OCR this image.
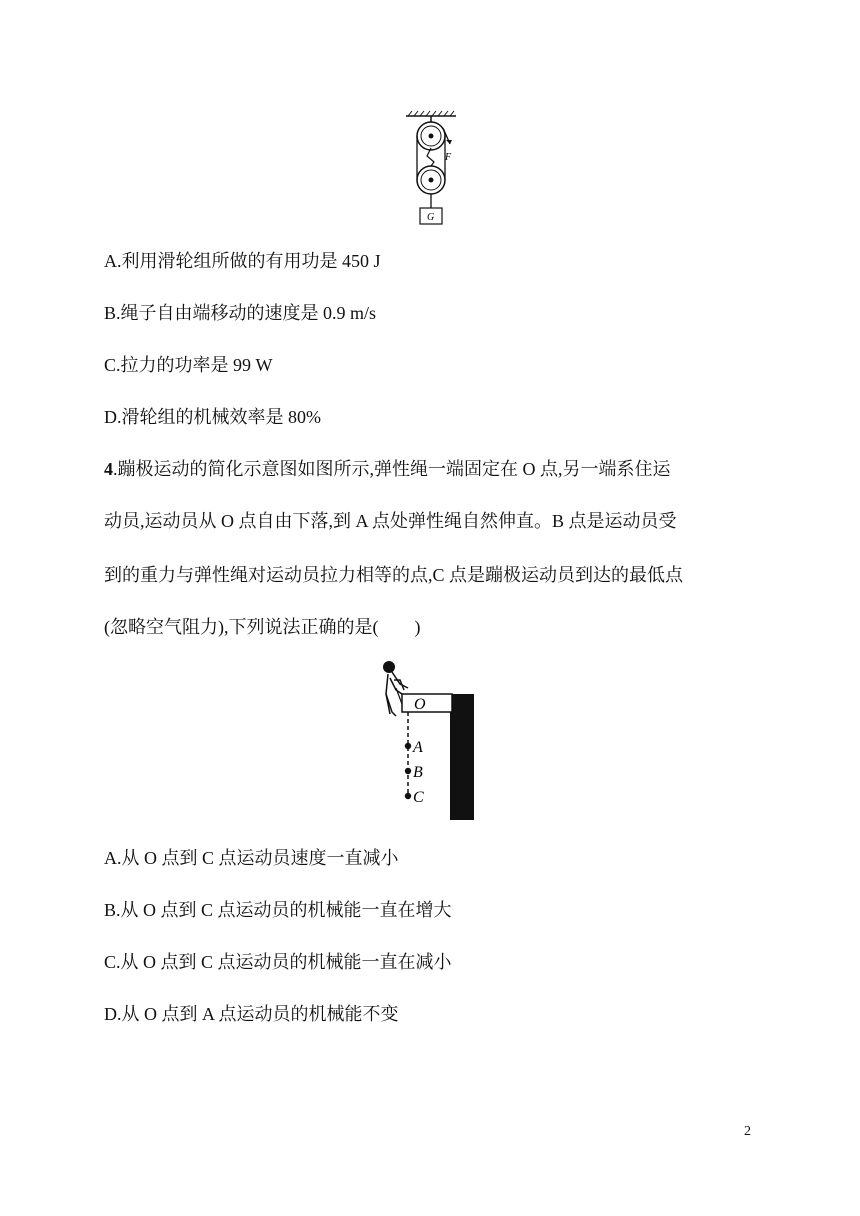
F
G
A.利用滑轮组所做的有用功是 450 J
B.绳子自由端移动的速度是 0.9 m/s
C.拉力的功率是 99 W
D.滑轮组的机械效率是 80%
4.蹦极运动的简化示意图如图所示,弹性绳一端固定在 O 点,另一端系住运
动员,运动员从 O 点自由下落,到 A 点处弹性绳自然伸直。B 点是运动员受
到的重力与弹性绳对运动员拉力相等的点,C 点是蹦极运动员到达的最低点
(忽略空气阻力),下列说法正确的是(　　)
O
A
B
C
A.从 O 点到 C 点运动员速度一直减小
B.从 O 点到 C 点运动员的机械能一直在增大
C.从 O 点到 C 点运动员的机械能一直在减小
D.从 O 点到 A 点运动员的机械能不变
2
